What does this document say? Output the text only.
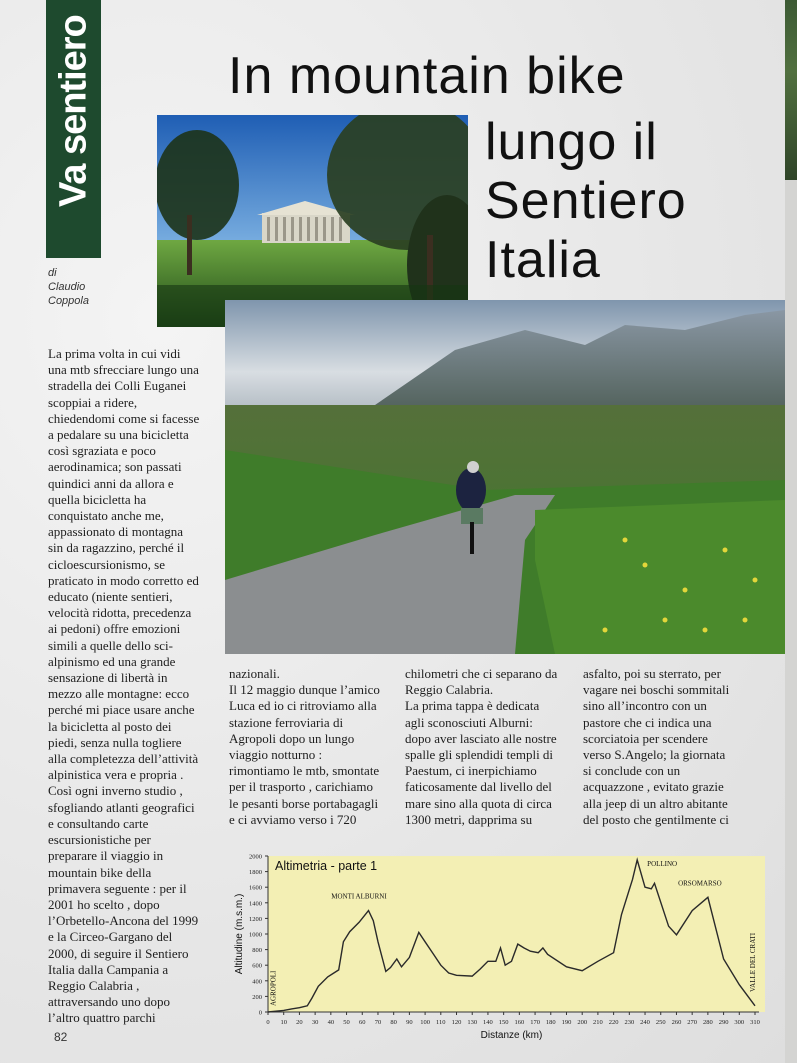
Va sentiero
di
Claudio
Coppola
In mountain bike
lungo il
Sentiero
Italia
La prima volta in cui vidi
una mtb sfrecciare lungo una
stradella dei Colli Euganei
scoppiai a ridere,
chiedendomi come si facesse
a pedalare su una bicicletta
così sgraziata e poco
aerodinamica; son passati
quindici anni da allora e
quella bicicletta ha
conquistato anche me,
appassionato di montagna
sin da ragazzino, perché il
cicloescursionismo, se
praticato in modo corretto ed
educato (niente sentieri,
velocità ridotta, precedenza
ai pedoni) offre emozioni
simili a quelle dello sci-
alpinismo ed una grande
sensazione di libertà in
mezzo alle montagne: ecco
perché mi piace usare anche
la bicicletta al posto dei
piedi, senza nulla togliere
alla completezza dell’attività
alpinistica vera e propria .
Così ogni inverno studio ,
sfogliando atlanti geografici
e consultando carte
escursionistiche per
preparare il viaggio in
mountain bike della
primavera seguente : per il
2001 ho scelto , dopo
l’Orbetello-Ancona del 1999
e la Circeo-Gargano del
2000, di seguire il Sentiero
Italia dalla Campania a
Reggio Calabria ,
attraversando uno dopo
l’altro quattro parchi
nazionali.
Il 12 maggio dunque l’amico
Luca ed io ci ritroviamo alla
stazione ferroviaria di
Agropoli dopo un lungo
viaggio notturno :
rimontiamo le mtb, smontate
per il trasporto , carichiamo
le pesanti borse portabagagli
e ci avviamo verso i 720
chilometri che ci separano da
Reggio Calabria.
La prima tappa è dedicata
agli sconosciuti Alburni:
dopo aver lasciato alle nostre
spalle gli splendidi templi di
Paestum, ci inerpichiamo
faticosamente dal livello del
mare sino alla quota di circa
1300 metri, dapprima su
asfalto, poi su sterrato, per
vagare nei boschi sommitali
sino all’incontro con un
pastore che ci indica una
scorciatoia per scendere
verso S.Angelo; la giornata
si conclude con un
acquazzone , evitato grazie
alla jeep di un altro abitante
del posto che gentilmente ci
82
0
200
400
600
800
1000
1200
1400
1600
1800
2000
0 10 20 30 40 50 60 70 80 90 100 110 120 130 140 150 160 170 180 190 200 210 220 230 240 250 260 270 280 290 300 310
AGROPOLI
MONTI ALBURNI
POLLINO
ORSOMARSO
VALLE DEL CRATI
Altimetria - parte 1
Distanze (km)
Altitudine (m.s.m.)
